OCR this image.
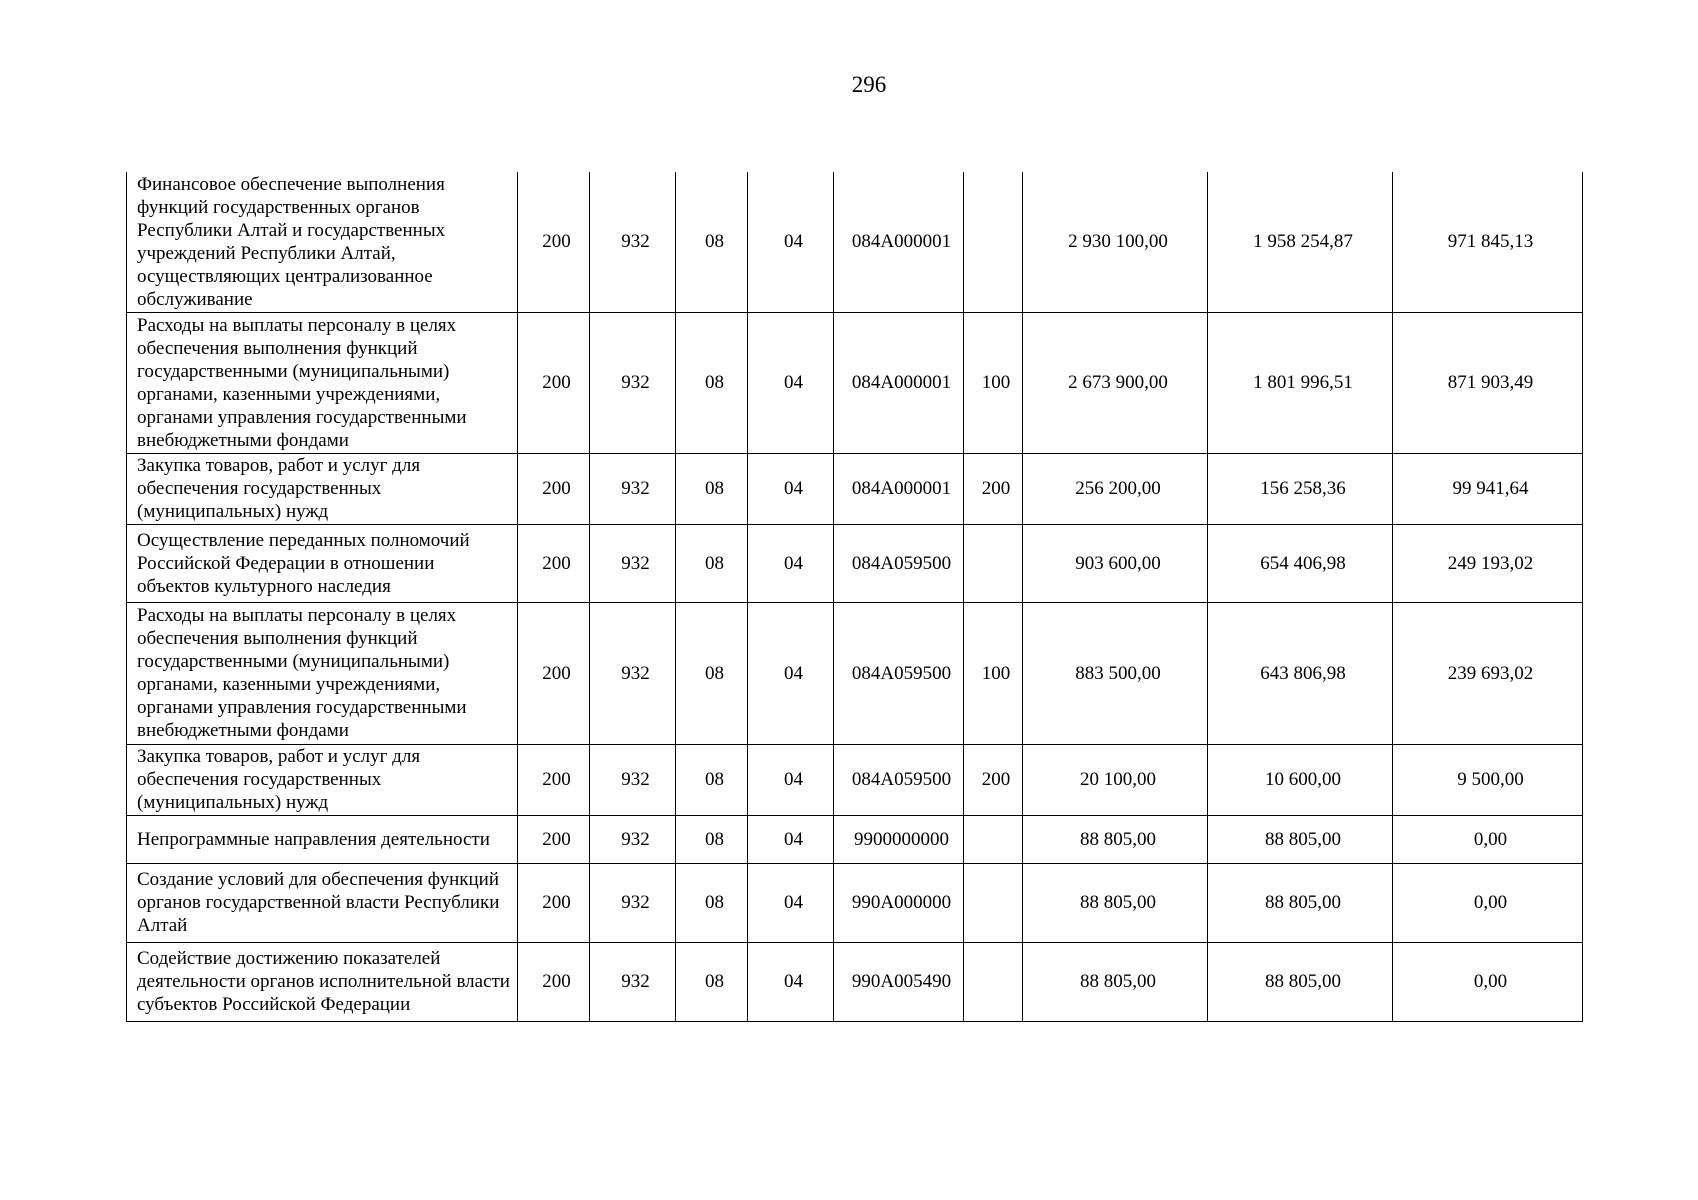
296
Финансовое обеспечение выполнения функций государственных органов Республики Алтай и государственных учреждений Республики Алтай, осуществляющих централизованное обслуживание	200	932	08	04	084А000001		2 930 100,00	1 958 254,87	971 845,13
Расходы на выплаты персоналу в целях обеспечения выполнения функций государственными (муниципальными) органами, казенными учреждениями, органами управления государственными внебюджетными фондами	200	932	08	04	084А000001	100	2 673 900,00	1 801 996,51	871 903,49
Закупка товаров, работ и услуг для обеспечения государственных (муниципальных) нужд	200	932	08	04	084А000001	200	256 200,00	156 258,36	99 941,64
Осуществление переданных полномочий Российской Федерации в отношении объектов культурного наследия	200	932	08	04	084А059500		903 600,00	654 406,98	249 193,02
Расходы на выплаты персоналу в целях обеспечения выполнения функций государственными (муниципальными) органами, казенными учреждениями, органами управления государственными внебюджетными фондами	200	932	08	04	084А059500	100	883 500,00	643 806,98	239 693,02
Закупка товаров, работ и услуг для обеспечения государственных (муниципальных) нужд	200	932	08	04	084А059500	200	20 100,00	10 600,00	9 500,00
Непрограммные направления деятельности	200	932	08	04	9900000000		88 805,00	88 805,00	0,00
Создание условий для обеспечения функций органов государственной власти Республики Алтай	200	932	08	04	990А000000		88 805,00	88 805,00	0,00
Содействие достижению показателей деятельности органов исполнительной власти субъектов Российской Федерации	200	932	08	04	990А005490		88 805,00	88 805,00	0,00
